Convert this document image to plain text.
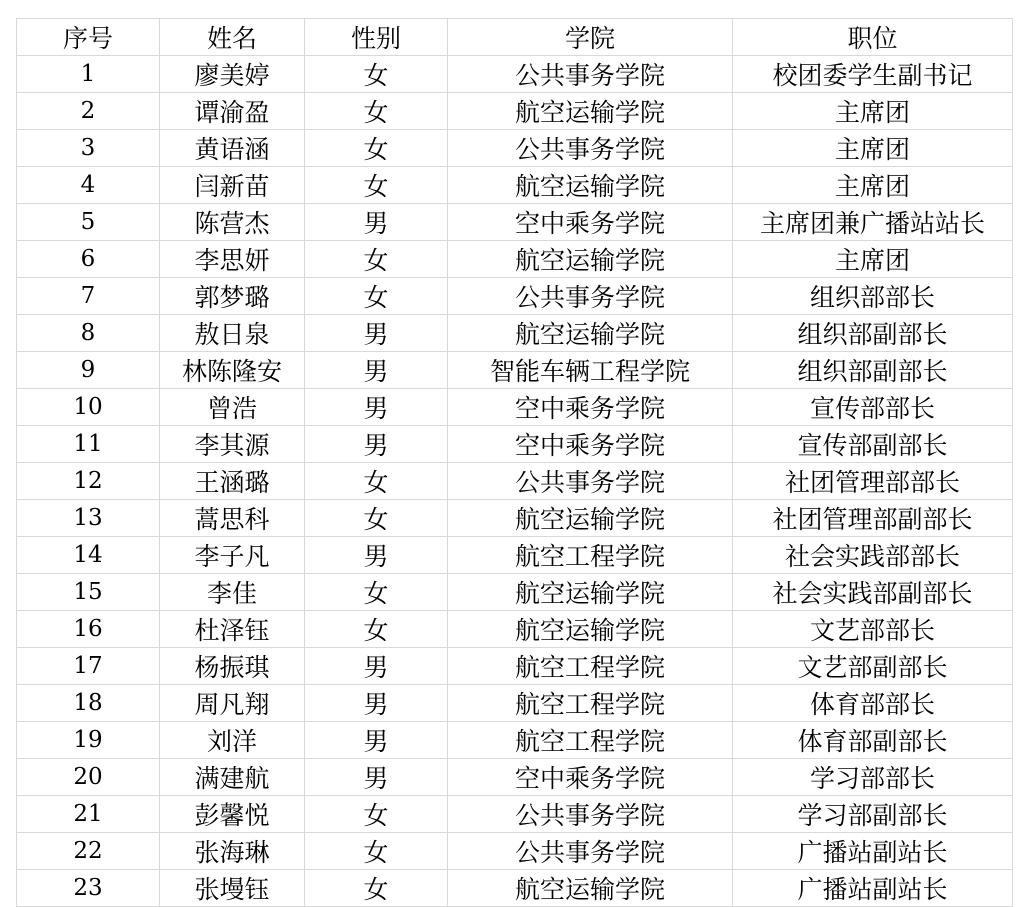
序号	姓名	性别	学院	职位
1	廖美婷	女	公共事务学院	校团委学生副书记
2	谭渝盈	女	航空运输学院	主席团
3	黄语涵	女	公共事务学院	主席团
4	闫新苗	女	航空运输学院	主席团
5	陈营杰	男	空中乘务学院	主席团兼广播站站长
6	李思妍	女	航空运输学院	主席团
7	郭梦璐	女	公共事务学院	组织部部长
8	敖日泉	男	航空运输学院	组织部副部长
9	林陈隆安	男	智能车辆工程学院	组织部副部长
10	曾浩	男	空中乘务学院	宣传部部长
11	李其源	男	空中乘务学院	宣传部副部长
12	王涵璐	女	公共事务学院	社团管理部部长
13	蒿思科	女	航空运输学院	社团管理部副部长
14	李子凡	男	航空工程学院	社会实践部部长
15	李佳	女	航空运输学院	社会实践部副部长
16	杜泽钰	女	航空运输学院	文艺部部长
17	杨振琪	男	航空工程学院	文艺部副部长
18	周凡翔	男	航空工程学院	体育部部长
19	刘洋	男	航空工程学院	体育部副部长
20	满建航	男	空中乘务学院	学习部部长
21	彭馨悦	女	公共事务学院	学习部副部长
22	张海琳	女	公共事务学院	广播站副站长
23	张墁钰	女	航空运输学院	广播站副站长
